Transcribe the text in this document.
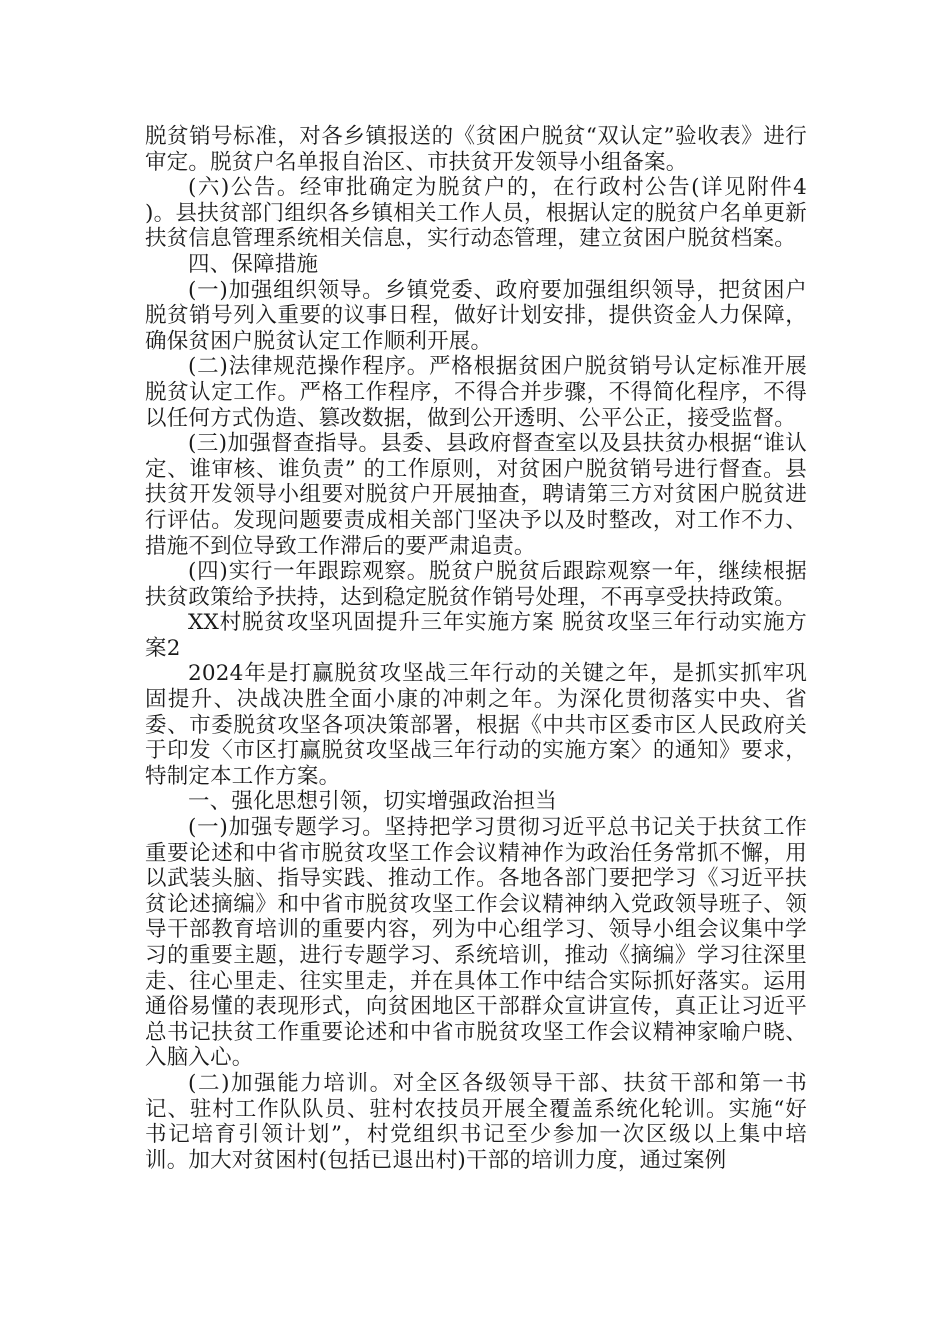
脱贫销号标准，对各乡镇报送的《贫困户脱贫“双认定”验收表》进行审定。脱贫户名单报自治区、市扶贫开发领导小组备案。

(六)公告。经审批确定为脱贫户的，在行政村公告(详见附件4 )。县扶贫部门组织各乡镇相关工作人员，根据认定的脱贫户名单更新扶贫信息管理系统相关信息，实行动态管理，建立贫困户脱贫档案。

四、保障措施

(一)加强组织领导。乡镇党委、政府要加强组织领导，把贫困户脱贫销号列入重要的议事日程，做好计划安排，提供资金人力保障，确保贫困户脱贫认定工作顺利开展。

(二)法律规范操作程序。严格根据贫困户脱贫销号认定标准开展脱贫认定工作。严格工作程序，不得合并步骤，不得简化程序，不得以任何方式伪造、篡改数据，做到公开透明、公平公正，接受监督。

(三)加强督查指导。县委、县政府督查室以及县扶贫办根据“谁认定、谁审核、谁负责” 的工作原则，对贫困户脱贫销号进行督查。县扶贫开发领导小组要对脱贫户开展抽查，聘请第三方对贫困户脱贫进行评估。发现问题要责成相关部门坚决予以及时整改，对工作不力、措施不到位导致工作滞后的要严肃追责。

(四)实行一年跟踪观察。脱贫户脱贫后跟踪观察一年，继续根据扶贫政策给予扶持，达到稳定脱贫作销号处理，不再享受扶持政策。

XX村脱贫攻坚巩固提升三年实施方案 脱贫攻坚三年行动实施方案2

2024年是打赢脱贫攻坚战三年行动的关键之年，是抓实抓牢巩固提升、决战决胜全面小康的冲刺之年。为深化贯彻落实中央、省委、市委脱贫攻坚各项决策部署，根据《中共市区委市区人民政府关于印发〈市区打赢脱贫攻坚战三年行动的实施方案〉的通知》要求，特制定本工作方案。

一、强化思想引领，切实增强政治担当

(一)加强专题学习。坚持把学习贯彻习近平总书记关于扶贫工作重要论述和中省市脱贫攻坚工作会议精神作为政治任务常抓不懈，用以武装头脑、指导实践、推动工作。各地各部门要把学习《习近平扶贫论述摘编》和中省市脱贫攻坚工作会议精神纳入党政领导班子、领导干部教育培训的重要内容，列为中心组学习、领导小组会议集中学习的重要主题，进行专题学习、系统培训，推动《摘编》学习往深里走、往心里走、往实里走，并在具体工作中结合实际抓好落实。运用通俗易懂的表现形式，向贫困地区干部群众宣讲宣传，真正让习近平总书记扶贫工作重要论述和中省市脱贫攻坚工作会议精神家喻户晓、入脑入心。

(二)加强能力培训。对全区各级领导干部、扶贫干部和第一书记、驻村工作队队员、驻村农技员开展全覆盖系统化轮训。实施“好书记培育引领计划”，村党组织书记至少参加一次区级以上集中培训。加大对贫困村(包括已退出村)干部的培训力度，通过案例
